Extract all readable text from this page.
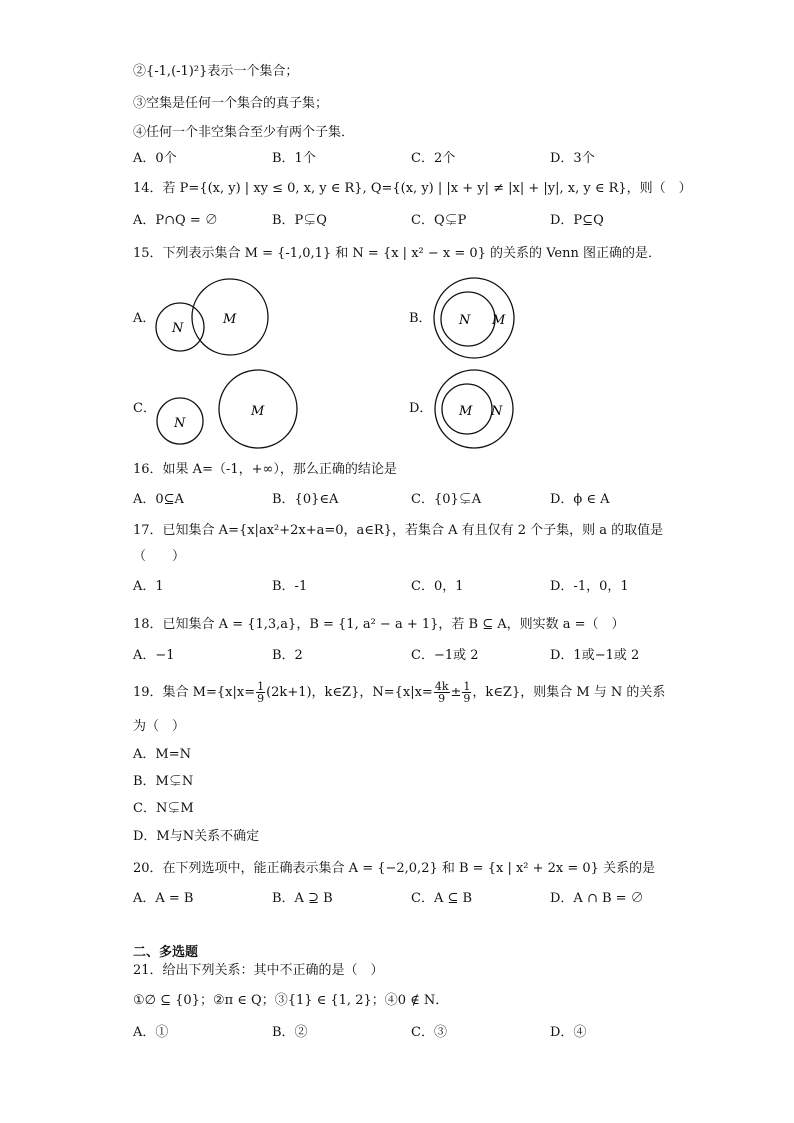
②{-1,(-1)²}表示一个集合；
③空集是任何一个集合的真子集；
④任何一个非空集合至少有两个子集．
A．0个	B．1个	C．2个	D．3个
14．若 P={(x, y) | xy ≤ 0, x, y ∈ R}, Q={(x, y) | |x + y| ≠ |x| + |y|, x, y ∈ R}，则（　）
A．P∩Q = ∅	B．P⊊Q	C．Q⊊P	D．P⊆Q
15．下列表示集合 M = {-1,0,1} 和 N = {x | x² − x = 0} 的关系的 Venn 图正确的是．
A．
N
M	B． N M
C．
N
M	D． M N
16．如果 A=（-1，+∞），那么正确的结论是
A．0⊆A	B．{0}∈A	C．{0}⊊A	D．ϕ ∈ A
17．已知集合 A={x|ax²+2x+a=0，a∈R}，若集合 A 有且仅有 2 个子集，则 a 的取值是
（　　）
A．1	B．-1	C．0，1	D．-1，0，1
18．已知集合 A = {1,3,a}，B = {1, a² − a + 1}，若 B ⊆ A，则实数 a =（　）
A．−1	B．2	C．−1或 2	D．1或−1或 2
19．集合 $M=\{x|x= \frac{1}{9} (2k+1)$，k∈Z}，$N=\{x|x= \frac{4k}{9} \pm \frac{1}{9}$ ，k∈Z}，则集合 M 与 N 的关系
为（　）
A．M=N
B．M⊊N
C．N⊊M
D．M与N关系不确定
20．在下列选项中，能正确表示集合 A = {−2,0,2} 和 B = {x | x² + 2x = 0} 关系的是
A．A = B	B．A ⊇ B	C．A ⊆ B	D．A ∩ B = ∅
二、多选题
21．给出下列关系：其中不正确的是（　）
①∅ ⊆ {0}；②π ∈ Q；③{1} ∈ {1, 2}；④0 ∉ N．
A．①	B．②	C．③	D．④
